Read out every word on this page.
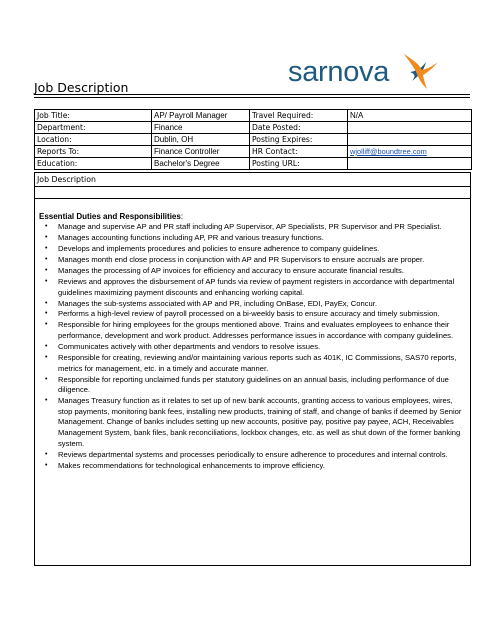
Job Description	sarnova
Job Title:	AP/ Payroll Manager	Travel Required:	N/A
Department:	Finance	Date Posted:	
Location:	Dublin, OH	Posting Expires:	
Reports To:	Finance Controller	HR Contact:	wjolliff@boundtree.com
Education:	Bachelor's Degree	Posting URL:	
Job Description
Essential Duties and Responsibilities:
• Manage and supervise AP and PR staff including AP Supervisor, AP Specialists, PR Supervisor and PR Specialist.
• Manages accounting functions including AP, PR and various treasury functions.
• Develops and implements procedures and policies to ensure adherence to company guidelines.
• Manages month end close process in conjunction with AP and PR Supervisors to ensure accruals are proper.
• Manages the processing of AP invoices for efficiency and accuracy to ensure accurate financial results.
• Reviews and approves the disbursement of AP funds via review of payment registers in accordance with departmental guidelines maximizing payment discounts and enhancing working capital.
• Manages the sub-systems associated with AP and PR, including OnBase, EDI, PayEx, Concur.
• Performs a high-level review of payroll processed on a bi-weekly basis to ensure accuracy and timely submission.
• Responsible for hiring employees for the groups mentioned above. Trains and evaluates employees to enhance their performance, development and work product. Addresses performance issues in accordance with company guidelines.
• Communicates actively with other departments and vendors to resolve issues.
• Responsible for creating, reviewing and/or maintaining various reports such as 401K, IC Commissions, SAS70 reports, metrics for management, etc. in a timely and accurate manner.
• Responsible for reporting unclaimed funds per statutory guidelines on an annual basis, including performance of due diligence.
• Manages Treasury function as it relates to set up of new bank accounts, granting access to various employees, wires, stop payments, monitoring bank fees, installing new products, training of staff, and change of banks if deemed by Senior Management. Change of banks includes setting up new accounts, positive pay, positive pay payee, ACH, Receivables Management System, bank files, bank reconciliations, lockbox changes, etc. as well as shut down of the former banking system.
• Reviews departmental systems and processes periodically to ensure adherence to procedures and internal controls.
• Makes recommendations for technological enhancements to improve efficiency.
